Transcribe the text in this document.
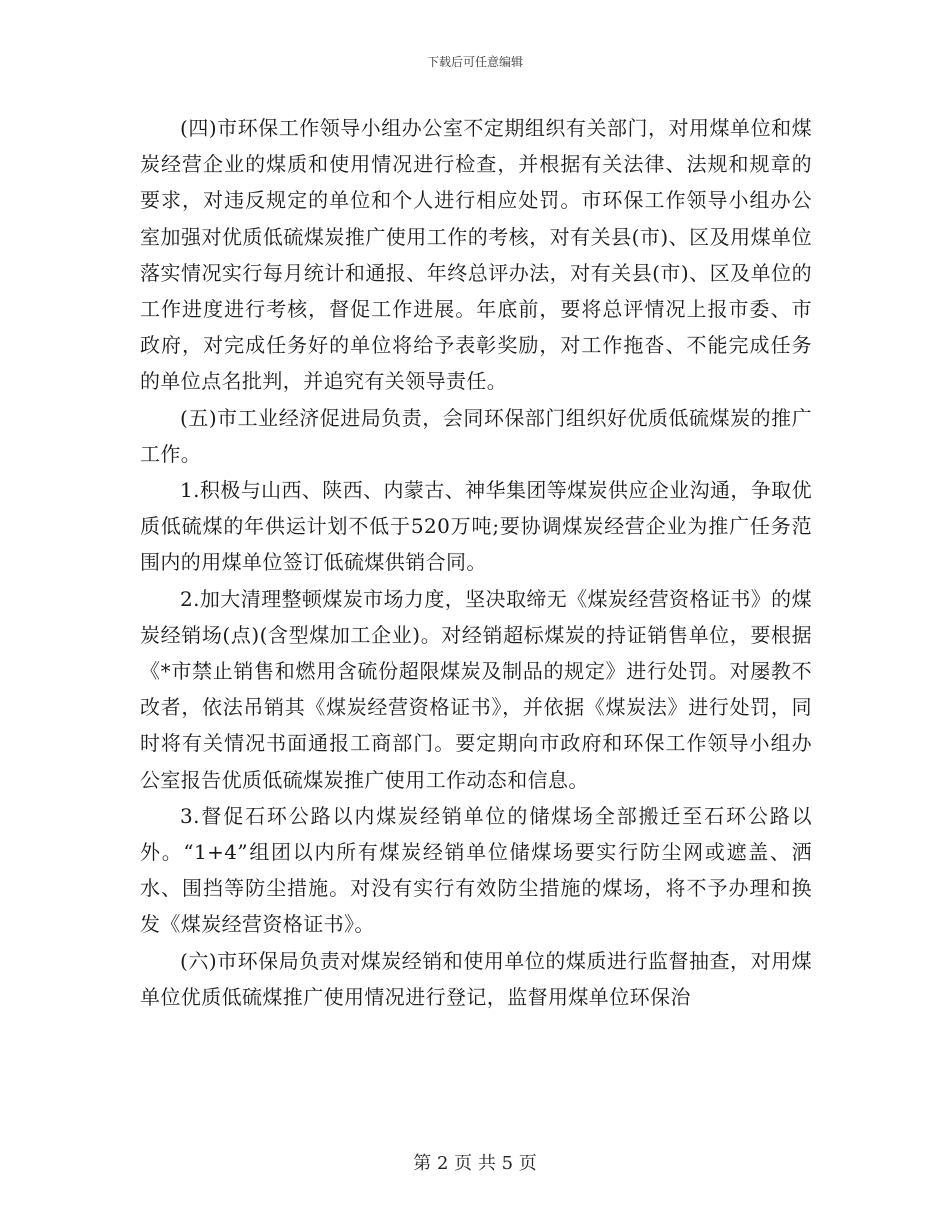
下载后可任意编辑

(四)市环保工作领导小组办公室不定期组织有关部门，对用煤单位和煤炭经营企业的煤质和使用情况进行检查，并根据有关法律、法规和规章的要求，对违反规定的单位和个人进行相应处罚。市环保工作领导小组办公室加强对优质低硫煤炭推广使用工作的考核，对有关县(市)、区及用煤单位落实情况实行每月统计和通报、年终总评办法，对有关县(市)、区及单位的工作进度进行考核，督促工作进展。年底前，要将总评情况上报市委、市政府，对完成任务好的单位将给予表彰奖励，对工作拖沓、不能完成任务的单位点名批判，并追究有关领导责任。

(五)市工业经济促进局负责，会同环保部门组织好优质低硫煤炭的推广工作。

1.积极与山西、陕西、内蒙古、神华集团等煤炭供应企业沟通，争取优质低硫煤的年供运计划不低于520万吨;要协调煤炭经营企业为推广任务范围内的用煤单位签订低硫煤供销合同。

2.加大清理整顿煤炭市场力度，坚决取缔无《煤炭经营资格证书》的煤炭经销场(点)(含型煤加工企业)。对经销超标煤炭的持证销售单位，要根据《*市禁止销售和燃用含硫份超限煤炭及制品的规定》进行处罚。对屡教不改者，依法吊销其《煤炭经营资格证书》，并依据《煤炭法》进行处罚，同时将有关情况书面通报工商部门。要定期向市政府和环保工作领导小组办公室报告优质低硫煤炭推广使用工作动态和信息。

3.督促石环公路以内煤炭经销单位的储煤场全部搬迁至石环公路以外。“1+4”组团以内所有煤炭经销单位储煤场要实行防尘网或遮盖、洒水、围挡等防尘措施。对没有实行有效防尘措施的煤场，将不予办理和换发《煤炭经营资格证书》。

(六)市环保局负责对煤炭经销和使用单位的煤质进行监督抽查，对用煤单位优质低硫煤推广使用情况进行登记，监督用煤单位环保治

第 2 页 共 5 页
